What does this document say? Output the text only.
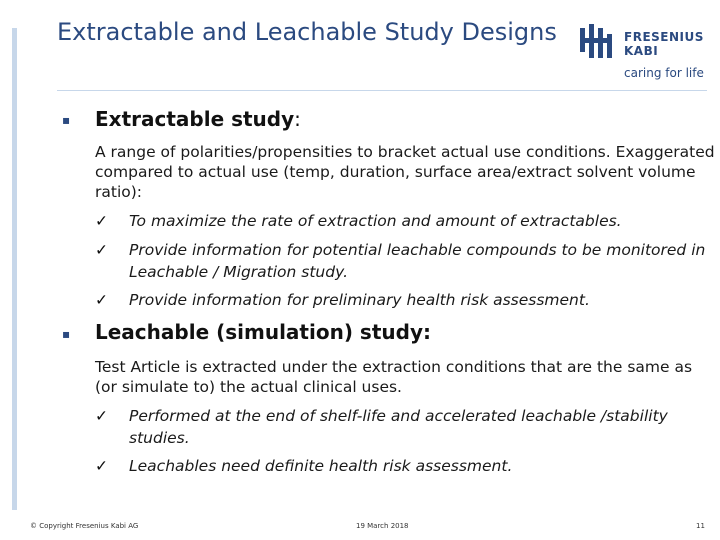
Extractable and Leachable Study Designs	FRESENIUS
KABI
caring for life
▪ Extractable study:
A range of polarities/propensities to bracket actual use conditions. Exaggerated compared to actual use (temp, duration, surface area/extract solvent volume ratio):
✓	To maximize the rate of extraction and amount of extractables.
✓	Provide information for potential leachable compounds to be monitored in Leachable / Migration study.
✓	Provide information for preliminary health risk assessment.
▪ Leachable (simulation) study:
Test Article is extracted under the extraction conditions that are the same as (or simulate to) the actual clinical uses.
✓	Performed at the end of shelf-life and accelerated leachable /stability studies.
✓	Leachables need definite health risk assessment.
© Copyright Fresenius Kabi AG	19 March 2018	11
